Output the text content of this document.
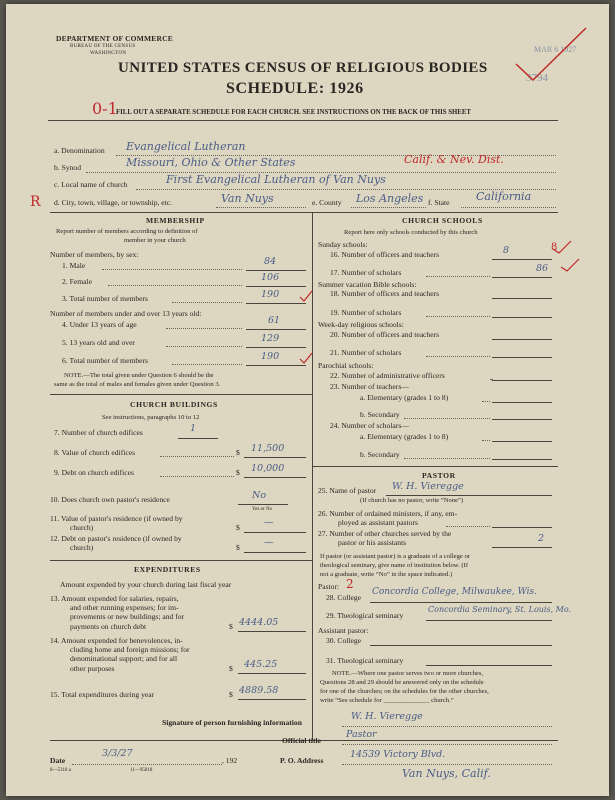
DEPARTMENT OF COMMERCE
BUREAU OF THE CENSUS
WASHINGTON
UNITED STATES CENSUS OF RELIGIOUS BODIES
SCHEDULE: 1926
FILL OUT A SEPARATE SCHEDULE FOR EACH CHURCH. SEE INSTRUCTIONS ON THE BACK OF THIS SHEET
MAR 6 1927
3794
0-1
R
a. Denomination Evangelical Lutheran
b. Synod	Missouri, Ohio & Other States	Calif. & Nev. Dist.
c. Local name of church	First Evangelical Lutheran of Van Nuys
d. City, town, village, or township, etc.	Van Nuys	e. County Los Angeles f. State California
MEMBERSHIP
Report number of members according to definition of
member in your church
Number of members, by sex:
1. Male	84
2. Female	106
3. Total number of members	190
Number of members under and over 13 years old:
4. Under 13 years of age	61
5. 13 years old and over	129
6. Total number of members	190
NOTE.—The total given under Question 6 should be the
same as the total of males and females given under Question 3.
CHURCH BUILDINGS
See instructions, paragraphs 10 to 12
7. Number of church edifices	1
8. Value of church edifices	$ 11,500
9. Debt on church edifices	$ 10,000
10. Does church own pastor's residence	No
Yes or No
11. Value of pastor's residence (if owned by
church)	$	—
12. Debt on pastor's residence (if owned by
church)	$	—
EXPENDITURES
Amount expended by your church during last fiscal year
13. Amount expended for salaries, repairs,
and other running expenses; for im-
provements or new buildings; and for
payments on church debt	$ 4444.05
14. Amount expended for benevolences, in-
cluding home and foreign missions; for
denominational support; and for all
other purposes	$ 445.25
15. Total expenditures during year	$ 4889.58
CHURCH SCHOOLS
Report here only schools conducted by this church
Sunday schools:
16. Number of officers and teachers	8	8
17. Number of scholars	86
Summer vacation Bible schools:
18. Number of officers and teachers
19. Number of scholars
Week-day religious schools:
20. Number of officers and teachers
21. Number of scholars
Parochial schools:
22. Number of administrative officers
23. Number of teachers—
a. Elementary (grades 1 to 8)
b. Secondary
24. Number of scholars—
a. Elementary (grades 1 to 8)
b. Secondary
PASTOR
25. Name of pastor W. H. Vieregge
(If church has no pastor, write “None”)
26. Number of ordained ministers, if any, em-
ployed as assistant pastors
27. Number of other churches served by the
pastor or his assistants	2
If pastor (or assistant pastor) is a graduate of a college or
theological seminary, give name of institution below. (If
not a graduate, write “No” in the space indicated.)
Pastor: 2
28. College
Concordia College, Milwaukee, Wis.
29. Theological seminary
Concordia Seminary, St. Louis, Mo.
Assistant pastor:
30. College
31. Theological seminary
NOTE.—Where one pastor serves two or more churches,
Questions 28 and 29 should be answered only on the schedule
for one of the churches; on the schedules for the other churches,
write “See schedule for ______________ church.”
Signature of person furnishing information
W. H. Vieregge
Official title
Pastor
Date
3/3/27
, 192
8—5318 a	11—95818
P. O. Address
14539 Victory Blvd.
Van Nuys, Calif.
